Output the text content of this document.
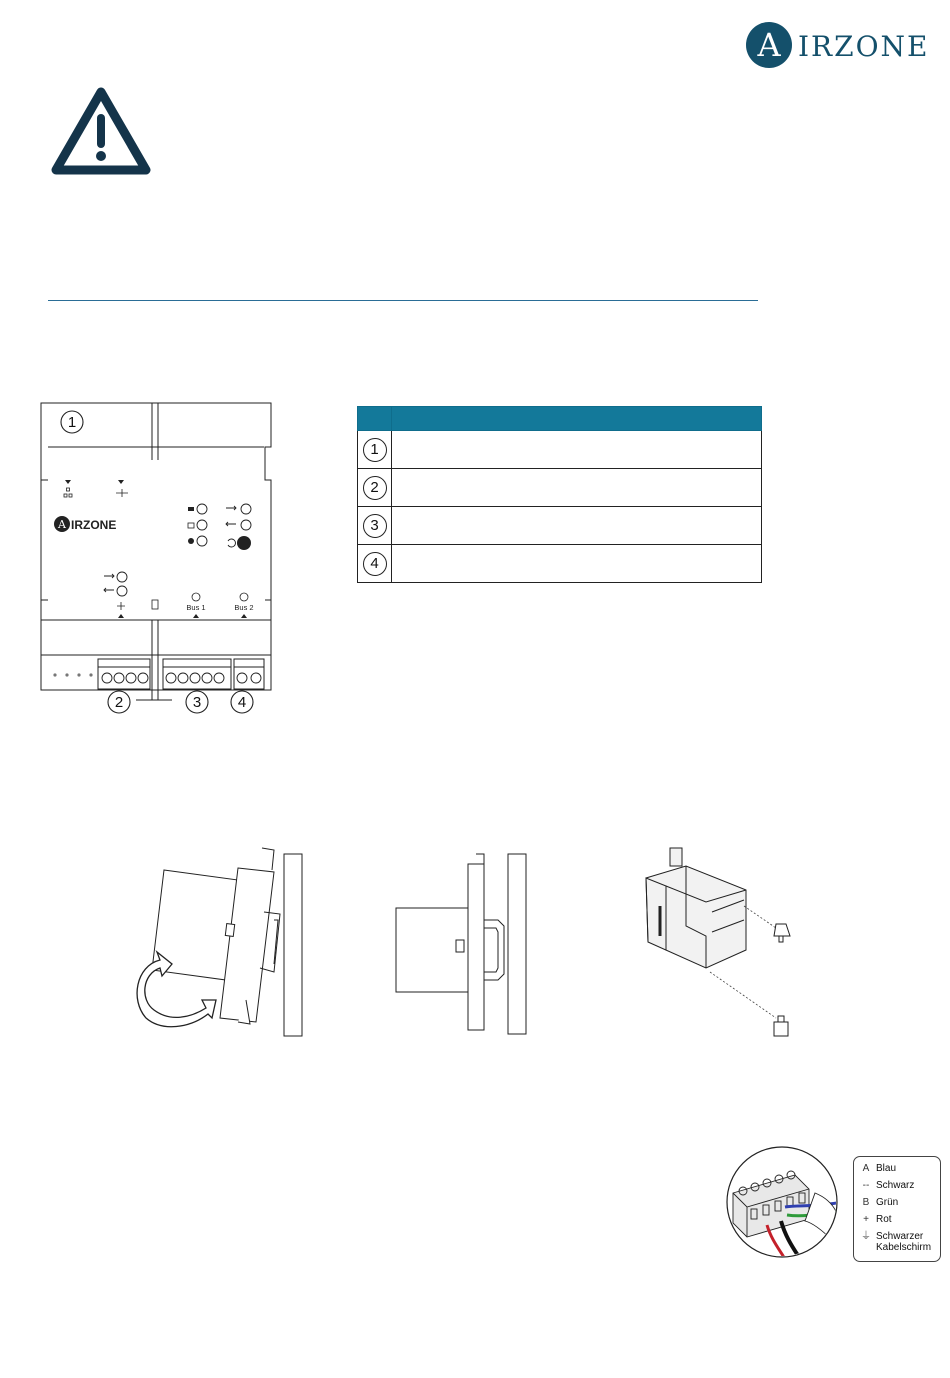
A IRZONE
A IRZONE
Bus 1	Bus 2
1
2	3 4

1	
2	
3	
4	
A Blau
-- Schwarz
B Grün
+ Rot
⏚ Schwarzer
Kabelschirm
